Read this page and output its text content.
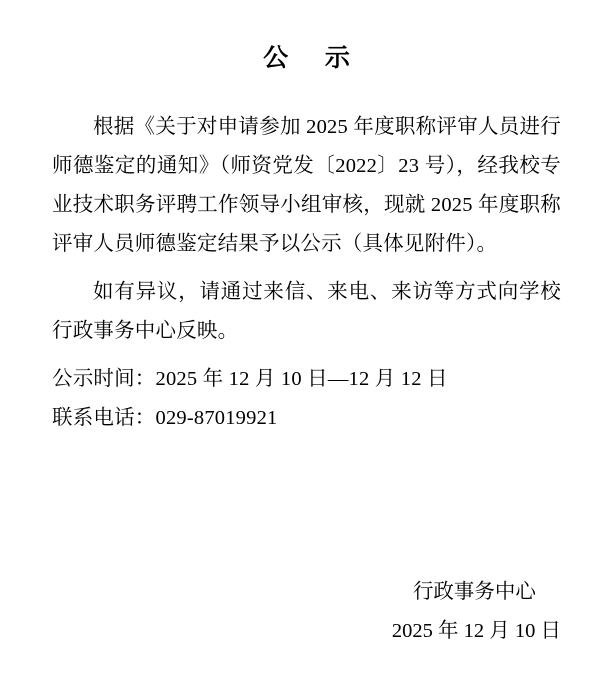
公 示

根据《关于对申请参加 2025 年度职称评审人员进行师德鉴定的通知》（师资党发〔2022〕23 号），经我校专业技术职务评聘工作领导小组审核，现就 2025 年度职称评审人员师德鉴定结果予以公示（具体见附件）。

如有异议，请通过来信、来电、来访等方式向学校行政事务中心反映。

公示时间：2025 年 12 月 10 日—12 月 12 日

联系电话：029-87019921

行政事务中心
2025 年 12 月 10 日
